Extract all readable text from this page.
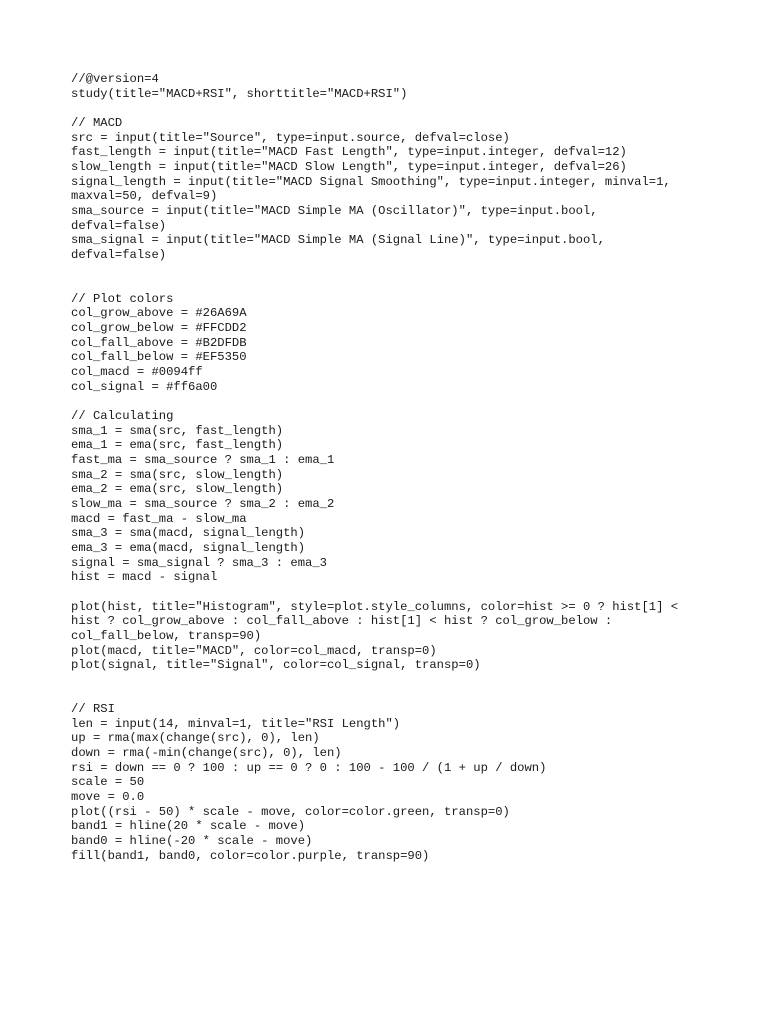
//@version=4
study(title="MACD+RSI", shorttitle="MACD+RSI")
// MACD
src = input(title="Source", type=input.source, defval=close)
fast_length = input(title="MACD Fast Length", type=input.integer, defval=12)
slow_length = input(title="MACD Slow Length", type=input.integer, defval=26)
signal_length = input(title="MACD Signal Smoothing", type=input.integer, minval=1,
maxval=50, defval=9)
sma_source = input(title="MACD Simple MA (Oscillator)", type=input.bool,
defval=false)
sma_signal = input(title="MACD Simple MA (Signal Line)", type=input.bool,
defval=false)
// Plot colors
col_grow_above = #26A69A
col_grow_below = #FFCDD2
col_fall_above = #B2DFDB
col_fall_below = #EF5350
col_macd = #0094ff
col_signal = #ff6a00
// Calculating
sma_1 = sma(src, fast_length)
ema_1 = ema(src, fast_length)
fast_ma = sma_source ? sma_1 : ema_1
sma_2 = sma(src, slow_length)
ema_2 = ema(src, slow_length)
slow_ma = sma_source ? sma_2 : ema_2
macd = fast_ma - slow_ma
sma_3 = sma(macd, signal_length)
ema_3 = ema(macd, signal_length)
signal = sma_signal ? sma_3 : ema_3
hist = macd - signal
plot(hist, title="Histogram", style=plot.style_columns, color=hist >= 0 ? hist[1] <
hist ? col_grow_above : col_fall_above : hist[1] < hist ? col_grow_below :
col_fall_below, transp=90)
plot(macd, title="MACD", color=col_macd, transp=0)
plot(signal, title="Signal", color=col_signal, transp=0)
// RSI
len = input(14, minval=1, title="RSI Length")
up = rma(max(change(src), 0), len)
down = rma(-min(change(src), 0), len)
rsi = down == 0 ? 100 : up == 0 ? 0 : 100 - 100 / (1 + up / down)
scale = 50
move = 0.0
plot((rsi - 50) * scale - move, color=color.green, transp=0)
band1 = hline(20 * scale - move)
band0 = hline(-20 * scale - move)
fill(band1, band0, color=color.purple, transp=90)
